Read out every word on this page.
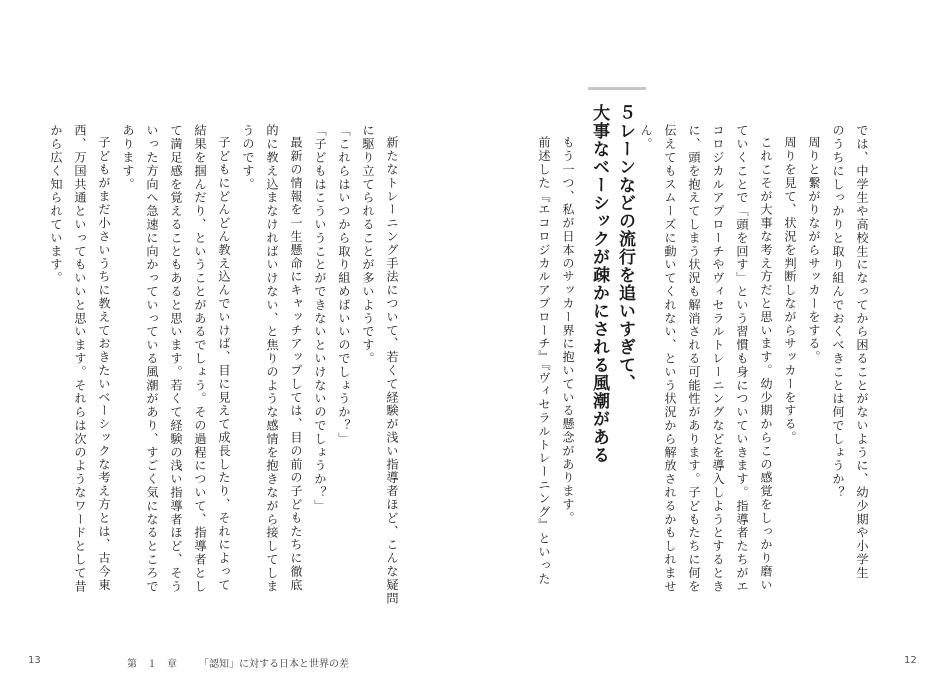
では、中学生や高校生になってから困ることがないように、幼少期や小学生
のうちにしっかりと取り組んでおくべきことは何でしょうか？
周りと繋がりながらサッカーをする。
周りを見て、状況を判断しながらサッカーをする。
これこそが大事な考え方だと思います。幼少期からこの感覚をしっかり磨い
ていくことで「頭を回す」という習慣も身についていきます。指導者たちがエ
コロジカルアプローチやヴィセラルトレーニングなどを導入しようとするとき
に、頭を抱えてしまう状況も解消される可能性があります。子どもたちに何を
伝えてもスムーズに動いてくれない、という状況から解放されるかもしれませ
ん。
５レーンなどの流行を追いすぎて、
大事なベーシックが疎かにされる風潮がある
もう一つ、私が日本のサッカー界に抱いている懸念があります。
前述した『エコロジカルアプローチ』『ヴィセラルトレーニング』といった
12
新たなトレーニング手法について、若くて経験が浅い指導者ほど、こんな疑問
に駆り立てられることが多いようです。
「これらはいつから取り組めばいいのでしょうか？」
「子どもはこういうことができないといけないのでしょうか？」
最新の情報を一生懸命にキャッチアップしては、目の前の子どもたちに徹底
的に教え込まなければいけない、と焦りのような感情を抱きながら接してしま
うのです。
子どもにどんどん教え込んでいけば、目に見えて成長したり、それによって
結果を掴んだり、ということがあるでしょう。その過程について、指導者とし
て満足感を覚えることもあると思います。若くて経験の浅い指導者ほど、そう
いった方向へ急速に向かっていっている風潮があり、すごく気になるところで
あります。
子どもがまだ小さいうちに教えておきたいベーシックな考え方とは、古今東
西、万国共通といってもいいと思います。それらは次のようなワードとして昔
から広く知られています。
13	第　１　章 「認知」に対する日本と世界の差
